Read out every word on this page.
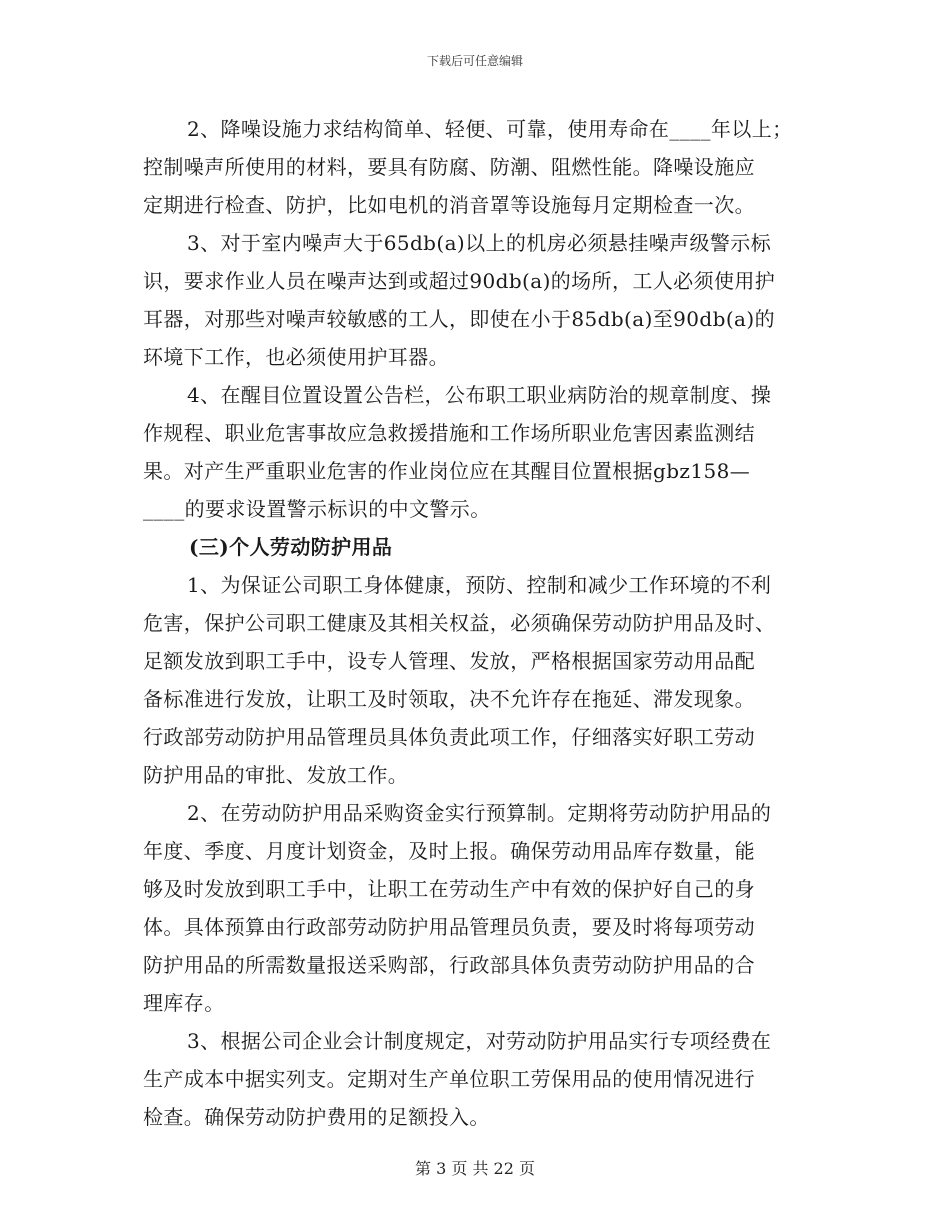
下载后可任意编辑
2、降噪设施力求结构简单、轻便、可靠，使用寿命在____年以上；
控制噪声所使用的材料，要具有防腐、防潮、阻燃性能。降噪设施应
定期进行检查、防护，比如电机的消音罩等设施每月定期检查一次。
3、对于室内噪声大于65db(a)以上的机房必须悬挂噪声级警示标
识，要求作业人员在噪声达到或超过90db(a)的场所，工人必须使用护
耳器，对那些对噪声较敏感的工人，即使在小于85db(a)至90db(a)的
环境下工作，也必须使用护耳器。
4、在醒目位置设置公告栏，公布职工职业病防治的规章制度、操
作规程、职业危害事故应急救援措施和工作场所职业危害因素监测结
果。对产生严重职业危害的作业岗位应在其醒目位置根据gbz158—
____的要求设置警示标识的中文警示。
(三)个人劳动防护用品
1、为保证公司职工身体健康，预防、控制和减少工作环境的不利
危害，保护公司职工健康及其相关权益，必须确保劳动防护用品及时、
足额发放到职工手中，设专人管理、发放，严格根据国家劳动用品配
备标准进行发放，让职工及时领取，决不允许存在拖延、滞发现象。
行政部劳动防护用品管理员具体负责此项工作，仔细落实好职工劳动
防护用品的审批、发放工作。
2、在劳动防护用品采购资金实行预算制。定期将劳动防护用品的
年度、季度、月度计划资金，及时上报。确保劳动用品库存数量，能
够及时发放到职工手中，让职工在劳动生产中有效的保护好自己的身
体。具体预算由行政部劳动防护用品管理员负责，要及时将每项劳动
防护用品的所需数量报送采购部，行政部具体负责劳动防护用品的合
理库存。
3、根据公司企业会计制度规定，对劳动防护用品实行专项经费在
生产成本中据实列支。定期对生产单位职工劳保用品的使用情况进行
检查。确保劳动防护费用的足额投入。
第 3 页 共 22 页
